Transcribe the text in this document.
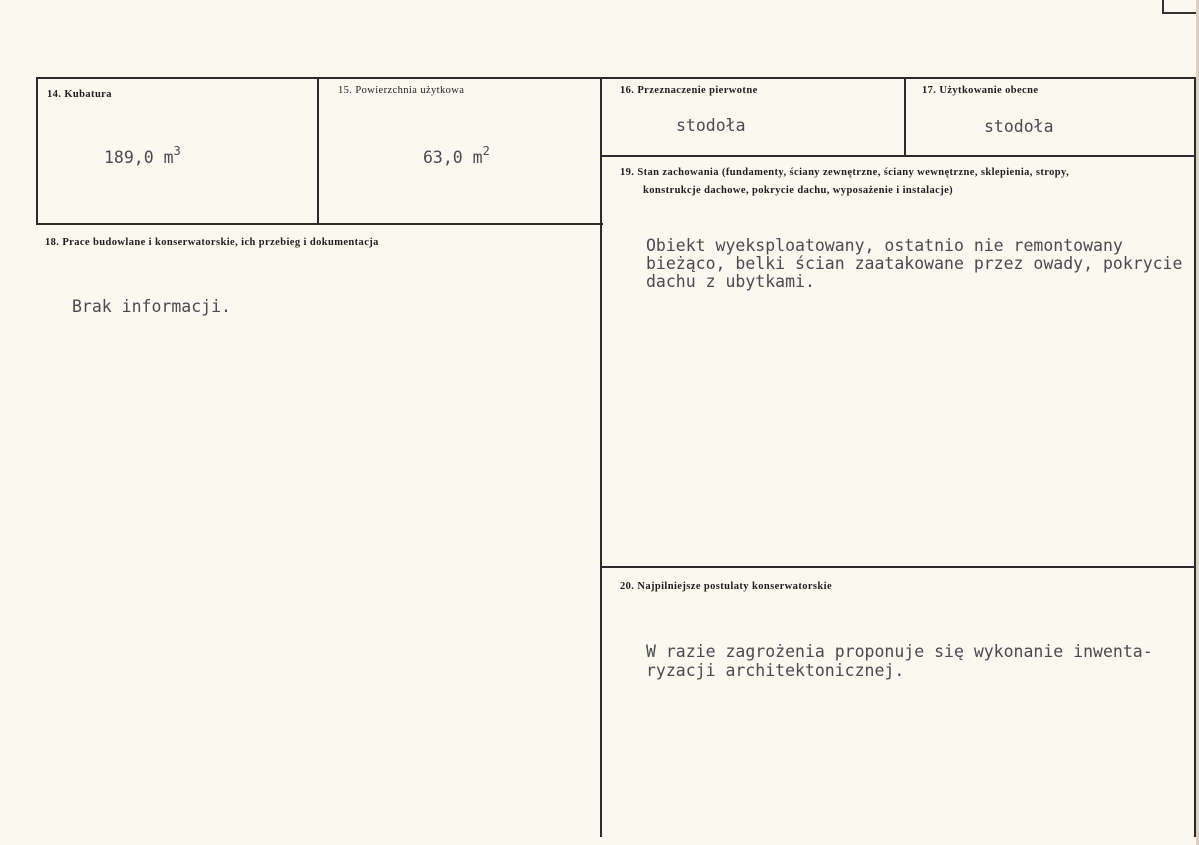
14. Kubatura
189,0 $m^3$
15. Powierzchnia użytkowa
63,0 $m^2$
16. Przeznaczenie pierwotne
stodoła
17. Użytkowanie obecne
stodoła
18. Prace budowlane i konserwatorskie, ich przebieg i dokumentacja
Brak informacji.
19. Stan zachowania (fundamenty, ściany zewnętrzne, ściany wewnętrzne, sklepienia, stropy,
konstrukcje dachowe, pokrycie dachu, wyposażenie i instalacje)
Obiekt wyeksploatowany, ostatnio nie remontowany
bieżąco, belki ścian zaatakowane przez owady, pokrycie
dachu z ubytkami.
20. Najpilniejsze postulaty konserwatorskie
W razie zagrożenia proponuje się wykonanie inwenta-
ryzacji architektonicznej.
